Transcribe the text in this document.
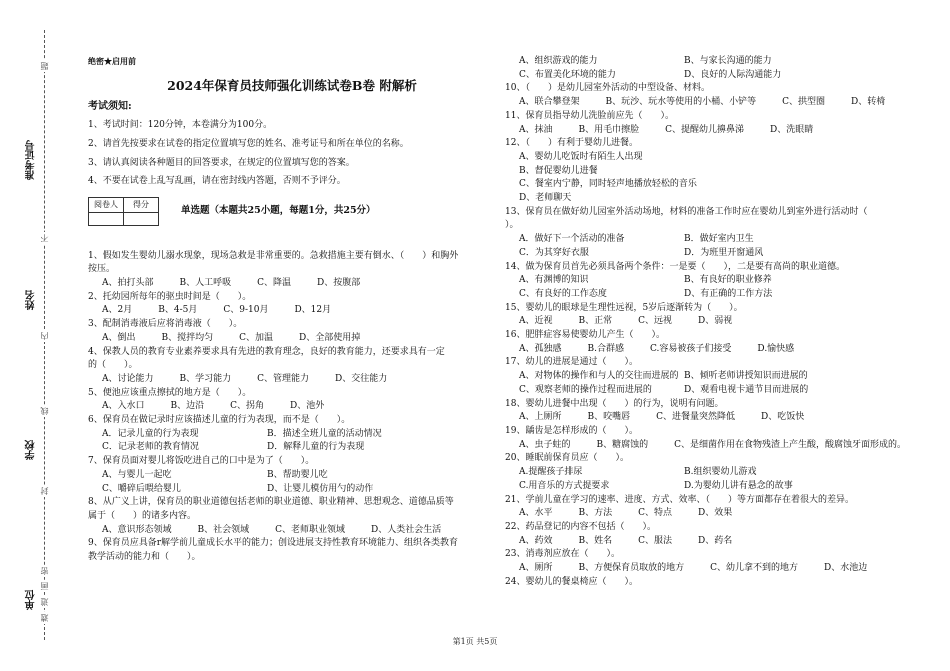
准考证号
姓名
学校
单位
题
不
内
线
封
密
画
道
遗
绝密★启用前
2024年保育员技师强化训练试卷B卷 附解析
考试须知:
1、考试时间：120分钟，本卷满分为100分。
2、请首先按要求在试卷的指定位置填写您的姓名、准考证号和所在单位的名称。
3、请认真阅读各种题目的回答要求，在规定的位置填写您的答案。
4、不要在试卷上乱写乱画，请在密封线内答题，否则不予评分。
阅卷人	得分

单选题（本题共25小题，每题1分，共25分）
1、假如发生婴幼儿溺水现象，现场急救是非常重要的。急救措施主要有倒水、（　　）和胸外
按压。
A、拍打头部	B、人工呼吸	C、降温	D、按腹部
2、托幼园所每年的驱虫时间是（　　）。
A、2月	B、4-5月	C、9-10月	D、12月
3、配制消毒液后应将消毒液（　　）。
A、倒出	B、搅拌均匀	C、加温	D、全部使用掉
4、保教人员的教育专业素养要求具有先进的教育理念，良好的教育能力，还要求具有一定
的（　　）。
A、讨论能力	B、学习能力	C、管理能力	D、交往能力
5、便池应该重点擦拭的地方是（　　）。
A、入水口	B、边沿	C、拐角	D、池外
6、保育员在做记录时应该描述儿童的行为表现，而不是（　　）。
A．记录儿童的行为表现	B．描述全班儿童的活动情况
C．记录老师的教育情况	D．解释儿童的行为表现
7、保育员面对婴儿将饭吃进自己的口中是为了（　　）。
A、与婴儿一起吃	B、帮助婴儿吃
C、嚼碎后喂给婴儿	D、让婴儿模仿用勺的动作
8、从广义上讲，保育员的职业道德包括老师的职业道德、职业精神、思想观念、道德品质等
属于（　　）的诸多内容。
A、意识形态领域	B、社会领域	C、老师职业领域	D、人类社会生活
9、保育员应具备r解学前儿童成长水平的能力；创设进展支持性教育环境能力、组织各类教育
教学活动的能力和（　　）。
A、组织游戏的能力	B、与家长沟通的能力
C、布置美化环境的能力	D、良好的人际沟通能力
10、（　　）是幼儿园室外活动的中型设备、材料。
A、联合攀登架	B、玩沙、玩水等使用的小桶、小铲等	C、拱型圈	D、转椅
11、保育员指导幼儿洗脸前应先（　　）。
A、抹油	B、用毛巾擦脸	C、提醒幼儿擤鼻涕	D、洗眼睛
12、（　　）有利于婴幼儿进餐。
A、婴幼儿吃饭时有陌生人出现
B、督促婴幼儿进餐
C、餐室内宁静，同时轻声地播放轻松的音乐
D、老师聊天
13、保育员在做好幼儿园室外活动场地，材料的准备工作时应在婴幼儿到室外进行活动时（
）。
A．做好下一个活动的准备	B．做好室内卫生
C．为其穿好衣服	D．为班里开窗通风
14、做为保育员首先必须具备两个条件：一是要（　　），二是要有高尚的职业道德。
A、有渊博的知识	B、有良好的职业修养
C、有良好的工作态度	D、有正确的工作方法
15、婴幼儿的眼球是生理性远视，5岁后逐渐转为（　　）。
A、近视	B、正常	C、远视	D、弱视
16、肥胖症容易使婴幼儿产生（　　）。
A、孤独感	B.合群感	C.容易被孩子们接受	D.愉快感
17、幼儿的进展是通过（　　）。
A、对物体的操作和与人的交往而进展的 B、倾听老师讲授知识而进展的
C、观察老师的操作过程而进展的	D、观看电视卡通节目而进展的
18、婴幼儿进餐中出现（　　）的行为，说明有问题。
A、上厕所	B、咬嘴唇	C、进餐量突然降低	D、吃饭快
19、龋齿是怎样形成的（　　）。
A、虫子蛀的	B、糖腐蚀的	C、是细菌作用在食物残渣上产生酸，酸腐蚀牙面形成的。
20、睡眠前保育员应（　　）。
A.提醒孩子排尿	B.组织婴幼儿游戏
C.用音乐的方式提要求	D.为婴幼儿讲有悬念的故事
21、学前儿童在学习的速率、进度、方式、效率、（　　）等方面都存在着很大的差异。
A、水平	B、方法	C、特点	D、效果
22、药品登记的内容不包括（　　）。
A、药效	B、姓名	C、服法	D、药名
23、消毒剂应放在（　　）。
A、厕所	B、方便保育员取放的地方	C、幼儿拿不到的地方	D、水池边
24、婴幼儿的餐桌椅应（　　）。
第1页 共5页
